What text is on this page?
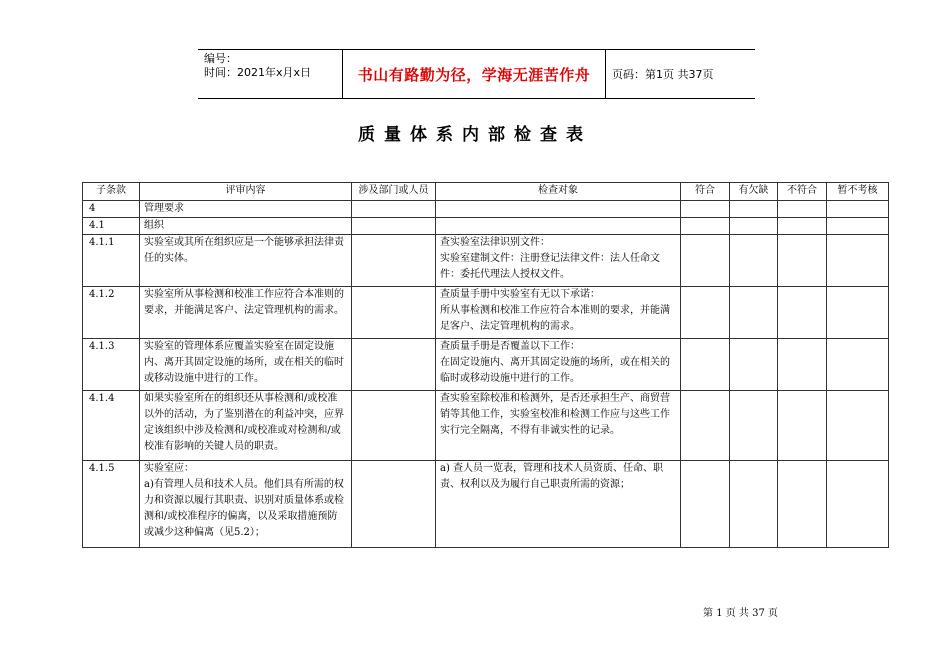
编号：
时间：2021年x月x日	书山有路勤为径，学海无涯苦作舟	页码：第1页 共37页
质量体系内部检查表
子条款	评审内容	涉及部门或人员	检查对象	符合	有欠缺	不符合	暂不考核
4	管理要求						
4.1	组织						
4.1.1	实验室或其所在组织应是一个能够承担法律责任的实体。		查实验室法律识别文件：
实验室建制文件：注册登记法律文件：法人任命文件：委托代理法人授权文件。				
4.1.2	实验室所从事检测和校准工作应符合本准则的要求，并能满足客户、法定管理机构的需求。		查质量手册中实验室有无以下承诺：
所从事检测和校准工作应符合本准则的要求，并能满足客户、法定管理机构的需求。				
4.1.3	实验室的管理体系应覆盖实验室在固定设施内、离开其固定设施的场所，或在相关的临时或移动设施中进行的工作。		查质量手册是否覆盖以下工作：
在固定设施内、离开其固定设施的场所，或在相关的临时或移动设施中进行的工作。				
4.1.4	如果实验室所在的组织还从事检测和/或校准以外的活动，为了鉴别潜在的利益冲突，应界定该组织中涉及检测和/或校准或对检测和/或校准有影响的关键人员的职责。		查实验室除校准和检测外，是否还承担生产、商贸营销等其他工作，实验室校准和检测工作应与这些工作实行完全隔离，不得有非诚实性的记录。				
4.1.5	实验室应：
a)有管理人员和技术人员。他们具有所需的权力和资源以履行其职责、识别对质量体系或检测和/或校准程序的偏离，以及采取措施预防或减少这种偏离（见5.2）；		a) 查人员一览表，管理和技术人员资质、任命、职责、权利以及为履行自己职责所需的资源；				
第 1 页 共 37 页
